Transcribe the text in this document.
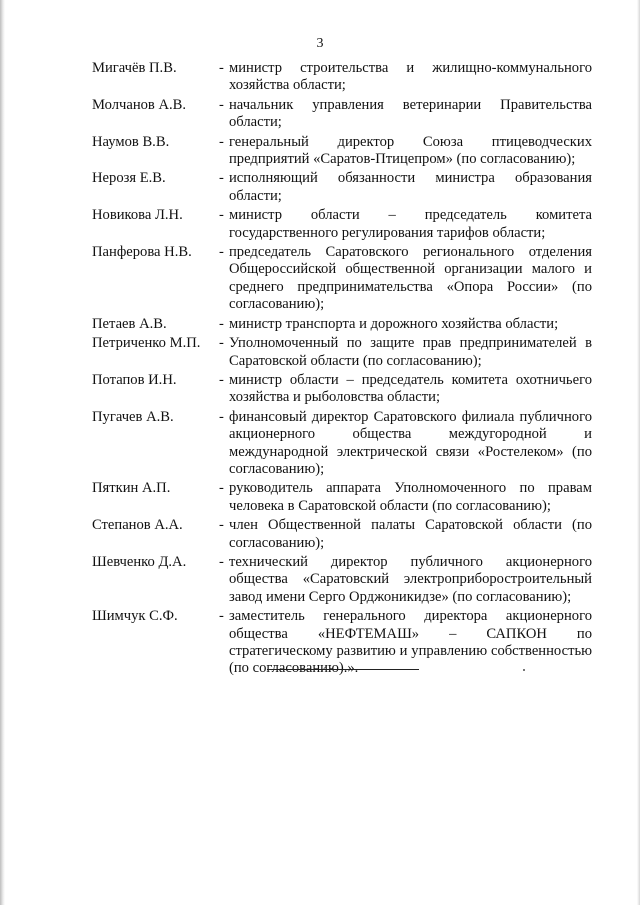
3
Мигачёв П.В.	- министр строительства и жилищно-коммунального хозяйства области;
Молчанов А.В.	- начальник управления ветеринарии Правительства области;
Наумов В.В.	- генеральный директор Союза птицеводческих предприятий «Саратов-Птицепром» (по согласованию);
Нерозя Е.В.	- исполняющий обязанности министра образования области;
Новикова Л.Н.	- министр области – председатель комитета государственного регулирования тарифов области;
Панферова Н.В.	- председатель Саратовского регионального отделения Общероссийской общественной организации малого и среднего предпринимательства «Опора России» (по согласованию);
Петаев А.В.	- министр транспорта и дорожного хозяйства области;
Петриченко М.П.	- Уполномоченный по защите прав предпринимателей в Саратовской области (по согласованию);
Потапов И.Н.	- министр области – председатель комитета охотничьего хозяйства и рыболовства области;
Пугачев А.В.	- финансовый директор Саратовского филиала публичного акционерного общества междугородной и международной электрической связи «Ростелеком» (по согласованию);
Пяткин А.П.	- руководитель аппарата Уполномоченного по правам человека в Саратовской области (по согласованию);
Степанов А.А.	- член Общественной палаты Саратовской области (по согласованию);
Шевченко Д.А.	- технический директор публичного акционерного общества «Саратовский электроприборостроительный завод имени Серго Орджоникидзе» (по согласованию);
Шимчук С.Ф.	- заместитель генерального директора акционерного общества «НЕФТЕМАШ» – САПКОН по стратегическому развитию и управлению собственностью (по согласованию).».
